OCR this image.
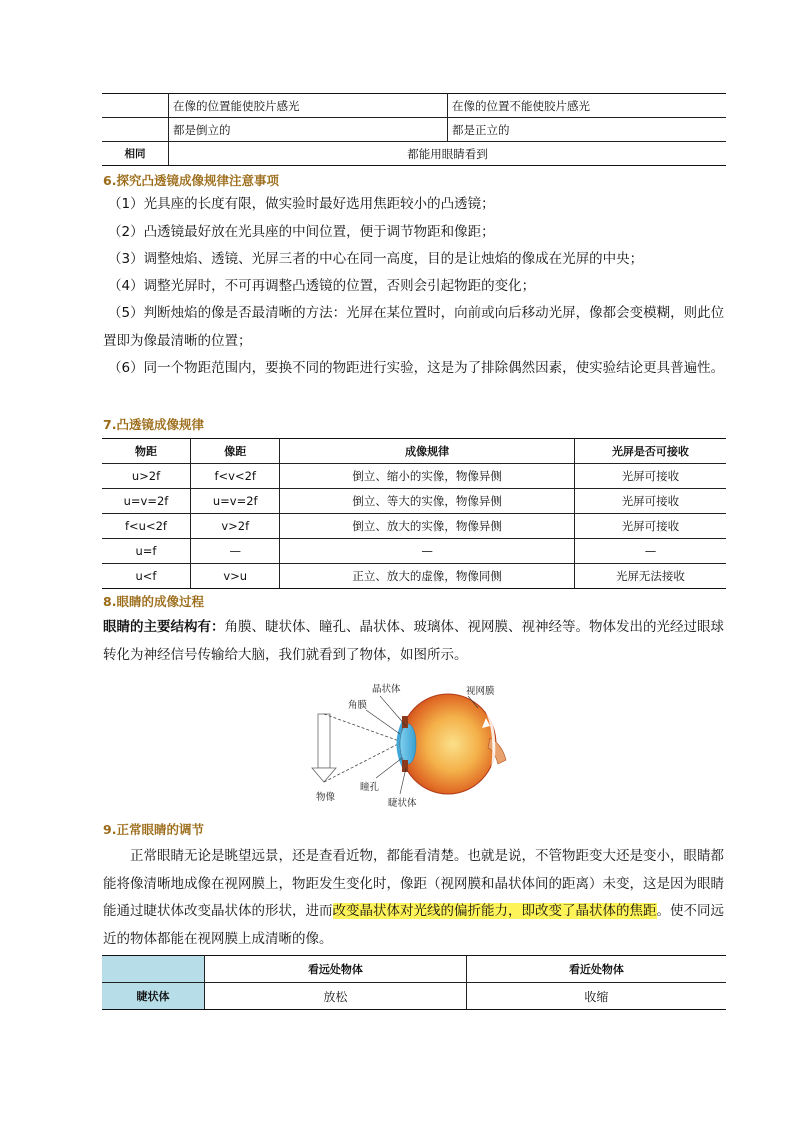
	在像的位置能使胶片感光	在像的位置不能使胶片感光
	都是倒立的	都是正立的
相同	都能用眼睛看到	
6.探究凸透镜成像规律注意事项
（1）光具座的长度有限，做实验时最好选用焦距较小的凸透镜；
（2）凸透镜最好放在光具座的中间位置，便于调节物距和像距；
（3）调整烛焰、透镜、光屏三者的中心在同一高度，目的是让烛焰的像成在光屏的中央；
（4）调整光屏时，不可再调整凸透镜的位置，否则会引起物距的变化；
（5）判断烛焰的像是否最清晰的方法：光屏在某位置时，向前或向后移动光屏，像都会变模糊，则此位置即为像最清晰的位置；
（6）同一个物距范围内，要换不同的物距进行实验，这是为了排除偶然因素，使实验结论更具普遍性。
7.凸透镜成像规律
物距	像距	成像规律	光屏是否可接收
u>2f	f<v<2f	倒立、缩小的实像，物像异侧	光屏可接收
u=v=2f	u=v=2f	倒立、等大的实像，物像异侧	光屏可接收
f<u<2f	v>2f	倒立、放大的实像，物像异侧	光屏可接收
u=f	—	—	—
u<f	v>u	正立、放大的虚像，物像同侧	光屏无法接收
8.眼睛的成像过程
眼睛的主要结构有：角膜、睫状体、瞳孔、晶状体、玻璃体、视网膜、视神经等。物体发出的光经过眼球转化为神经信号传输给大脑，我们就看到了物体，如图所示。
晶状体	视网膜
角膜
物像
瞳孔
睫状体
9.正常眼睛的调节
正常眼睛无论是眺望远景，还是查看近物，都能看清楚。也就是说，不管物距变大还是变小，眼睛都能将像清晰地成像在视网膜上，物距发生变化时，像距（视网膜和晶状体间的距离）未变，这是因为眼睛能通过睫状体改变晶状体的形状，进而改变晶状体对光线的偏折能力，即改变了晶状体的焦距。使不同远近的物体都能在视网膜上成清晰的像。
	看远处物体	看近处物体
睫状体	放松	收缩
